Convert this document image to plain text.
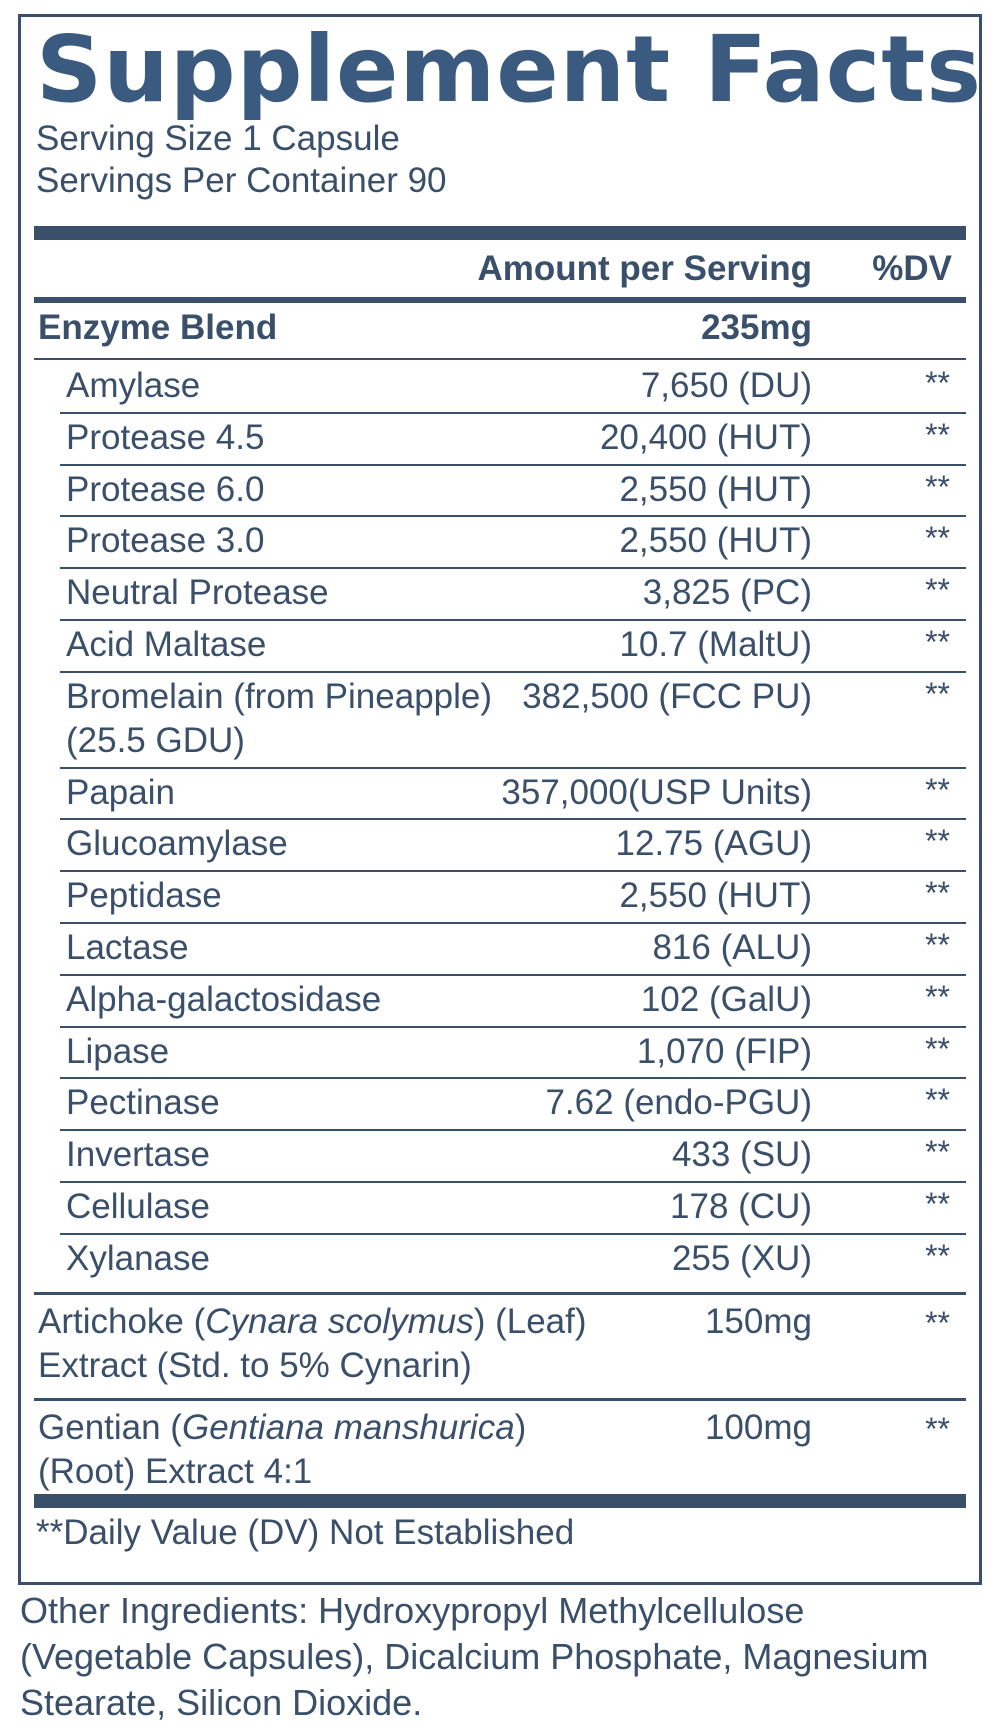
Supplement Facts
Serving Size 1 Capsule
Servings Per Container 90
Amount per Serving %DV
Enzyme Blend	235mg
Amylase	7,650 (DU)	**
Protease 4.5	20,400 (HUT)	**
Protease 6.0	2,550 (HUT)	**
Protease 3.0	2,550 (HUT)	**
Neutral Protease	3,825 (PC)	**
Acid Maltase	10.7 (MaltU)	**
Bromelain (from Pineapple)
(25.5 GDU)
382,500 (FCC PU)	**
Papain	357,000(USP Units)	**
Glucoamylase	12.75 (AGU)	**
Peptidase	2,550 (HUT)	**
Lactase	816 (ALU)	**
Alpha-galactosidase	102 (GalU)	**
Lipase	1,070 (FIP)	**
Pectinase	7.62 (endo-PGU)	**
Invertase	433 (SU)	**
Cellulase	178 (CU)	**
Xylanase	255 (XU)	**
Artichoke (Cynara scolymus) (Leaf)
Extract (Std. to 5% Cynarin)
150mg	**
Gentian (Gentiana manshurica)
(Root) Extract 4:1
100mg	**
**Daily Value (DV) Not Established

Other Ingredients: Hydroxypropyl Methylcellulose (Vegetable Capsules), Dicalcium Phosphate, Magnesium Stearate, Silicon Dioxide.
